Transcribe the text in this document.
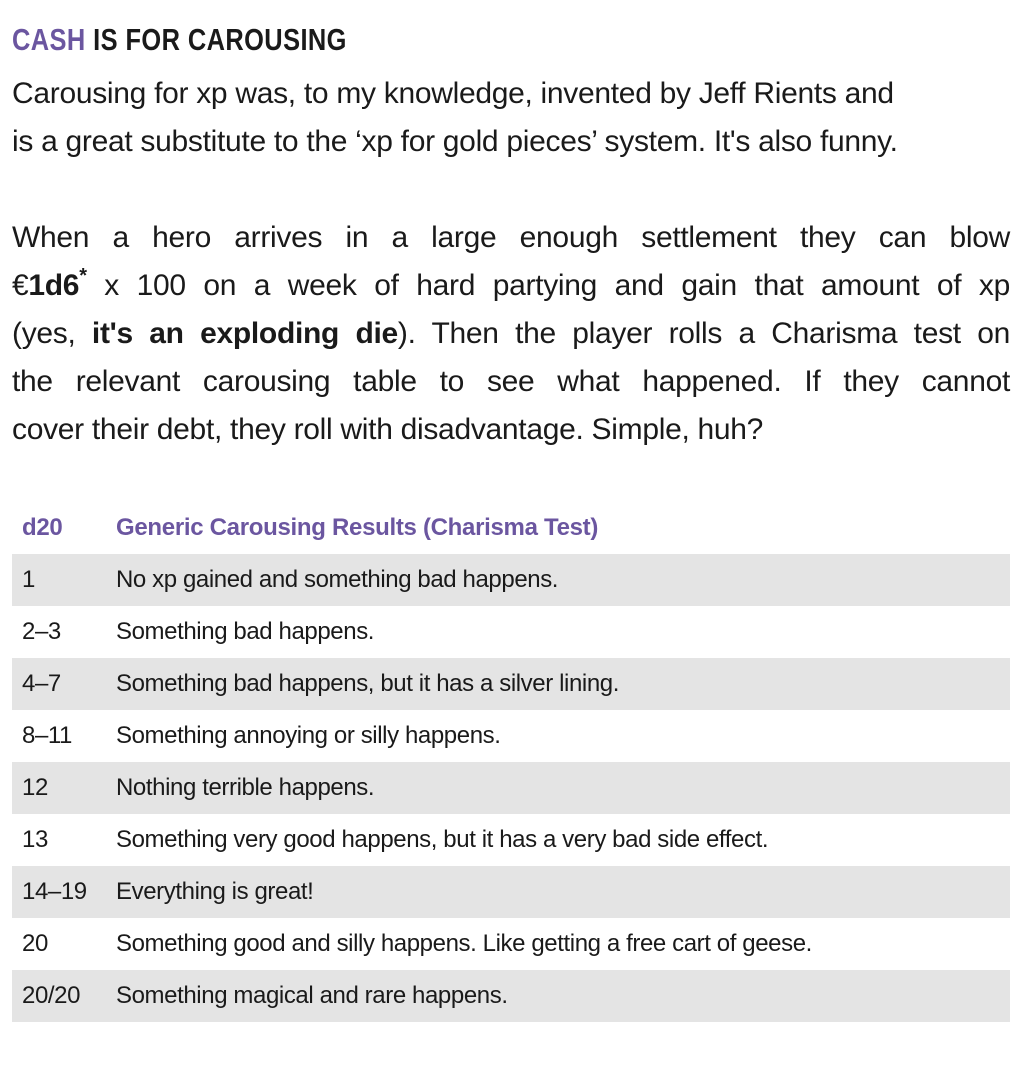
CASH IS FOR CAROUSING

Carousing for xp was, to my knowledge, invented by Jeff Rients and
is a great substitute to the ‘xp for gold pieces’ system. It's also funny.

When a hero arrives in a large enough settlement they can blow
€1d6* x 100 on a week of hard partying and gain that amount of xp
(yes, it's an exploding die). Then the player rolls a Charisma test on
the relevant carousing table to see what happened. If they cannot
cover their debt, they roll with disadvantage. Simple, huh?
d20	Generic Carousing Results (Charisma Test)
1	No xp gained and something bad happens.
2–3	Something bad happens.
4–7	Something bad happens, but it has a silver lining.
8–11	Something annoying or silly happens.
12	Nothing terrible happens.
13	Something very good happens, but it has a very bad side effect.
14–19	Everything is great!
20	Something good and silly happens. Like getting a free cart of geese.
20/20	Something magical and rare happens.
